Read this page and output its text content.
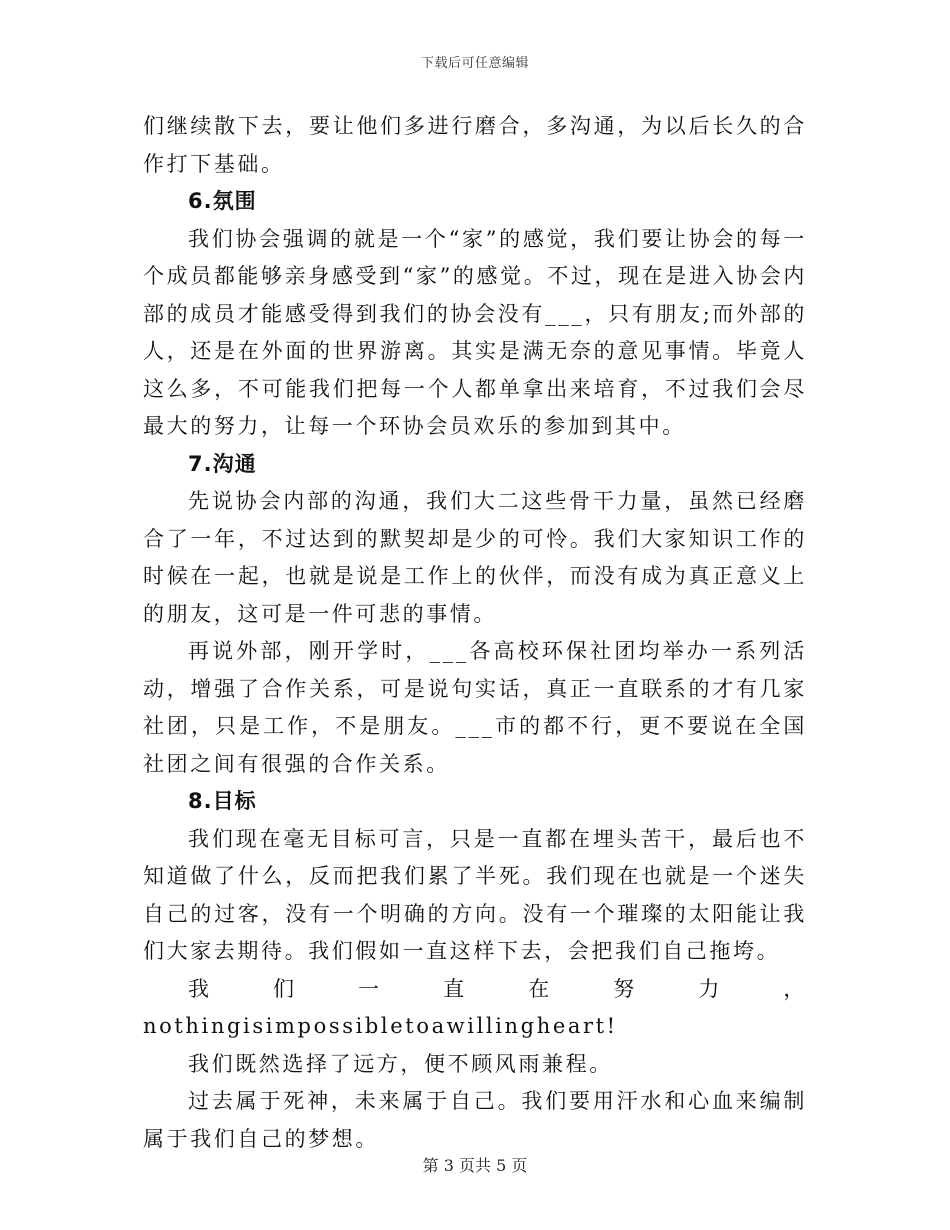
下载后可任意编辑

们继续散下去，要让他们多进行磨合，多沟通，为以后长久的合作打下基础。

6.氛围

我们协会强调的就是一个“家”的感觉，我们要让协会的每一个成员都能够亲身感受到“家”的感觉。不过，现在是进入协会内部的成员才能感受得到我们的协会没有___，只有朋友;而外部的人，还是在外面的世界游离。其实是满无奈的意见事情。毕竟人这么多，不可能我们把每一个人都单拿出来培育，不过我们会尽最大的努力，让每一个环协会员欢乐的参加到其中。

7.沟通

先说协会内部的沟通，我们大二这些骨干力量，虽然已经磨合了一年，不过达到的默契却是少的可怜。我们大家知识工作的时候在一起，也就是说是工作上的伙伴，而没有成为真正意义上的朋友，这可是一件可悲的事情。

再说外部，刚开学时，___各高校环保社团均举办一系列活动，增强了合作关系，可是说句实话，真正一直联系的才有几家社团，只是工作，不是朋友。___市的都不行，更不要说在全国社团之间有很强的合作关系。

8.目标

我们现在毫无目标可言，只是一直都在埋头苦干，最后也不知道做了什么，反而把我们累了半死。我们现在也就是一个迷失自己的过客，没有一个明确的方向。没有一个璀璨的太阳能让我们大家去期待。我们假如一直这样下去，会把我们自己拖垮。

我们一直在努力，nothingisimpossibletoawillingheart!

我们既然选择了远方，便不顾风雨兼程。

过去属于死神，未来属于自己。我们要用汗水和心血来编制属于我们自己的梦想。

第 3 页共 5 页
